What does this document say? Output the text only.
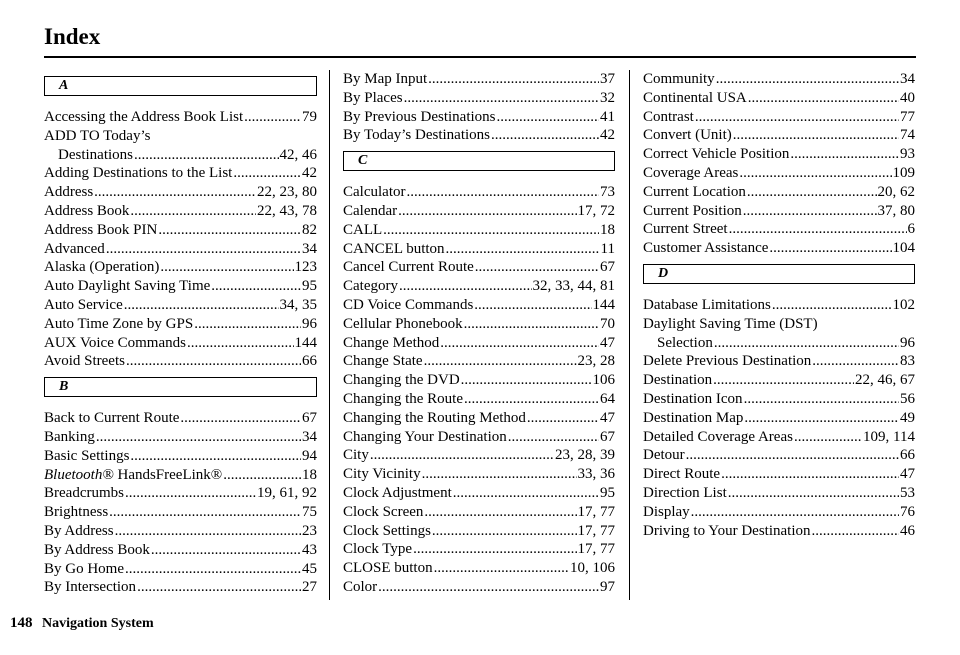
Index
A
Accessing the Address Book List .....	79
ADD TO Today’s
Destinations .....	42, 46
Adding Destinations to the List .....	42
Address .....	22, 23, 80
Address Book .....	22, 43, 78
Address Book PIN .....	82
Advanced .....	34
Alaska (Operation) .....	123
Auto Daylight Saving Time .....	95
Auto Service .....	34, 35
Auto Time Zone by GPS .....	96
AUX Voice Commands .....	144
Avoid Streets .....	66
B
Back to Current Route .....	67
Banking .....	34
Basic Settings .....	94
Bluetooth® HandsFreeLink® .....	18
Breadcrumbs .....	19, 61, 92
Brightness .....	75
By Address .....	23
By Address Book .....	43
By Go Home .....	45
By Intersection .....	27
By Map Input .....	37
By Places .....	32
By Previous Destinations .....	41
By Today’s Destinations .....	42
C
Calculator .....	73
Calendar .....	17, 72
CALL .....	18
CANCEL button .....	11
Cancel Current Route .....	67
Category .....	32, 33, 44, 81
CD Voice Commands .....	144
Cellular Phonebook .....	70
Change Method .....	47
Change State .....	23, 28
Changing the DVD .....	106
Changing the Route .....	64
Changing the Routing Method .....	47
Changing Your Destination .....	67
City .....	23, 28, 39
City Vicinity .....	33, 36
Clock Adjustment .....	95
Clock Screen .....	17, 77
Clock Settings .....	17, 77
Clock Type .....	17, 77
CLOSE button .....	10, 106
Color .....	97
Community .....	34
Continental USA .....	40
Contrast .....	77
Convert (Unit) .....	74
Correct Vehicle Position .....	93
Coverage Areas .....	109
Current Location .....	20, 62
Current Position .....	37, 80
Current Street .....	6
Customer Assistance .....	104
D
Database Limitations .....	102
Daylight Saving Time (DST)
Selection .....	96
Delete Previous Destination .....	83
Destination .....	22, 46, 67
Destination Icon .....	56
Destination Map .....	49
Detailed Coverage Areas .....	109, 114
Detour .....	66
Direct Route .....	47
Direction List .....	53
Display .....	76
Driving to Your Destination .....	46
148 Navigation System
